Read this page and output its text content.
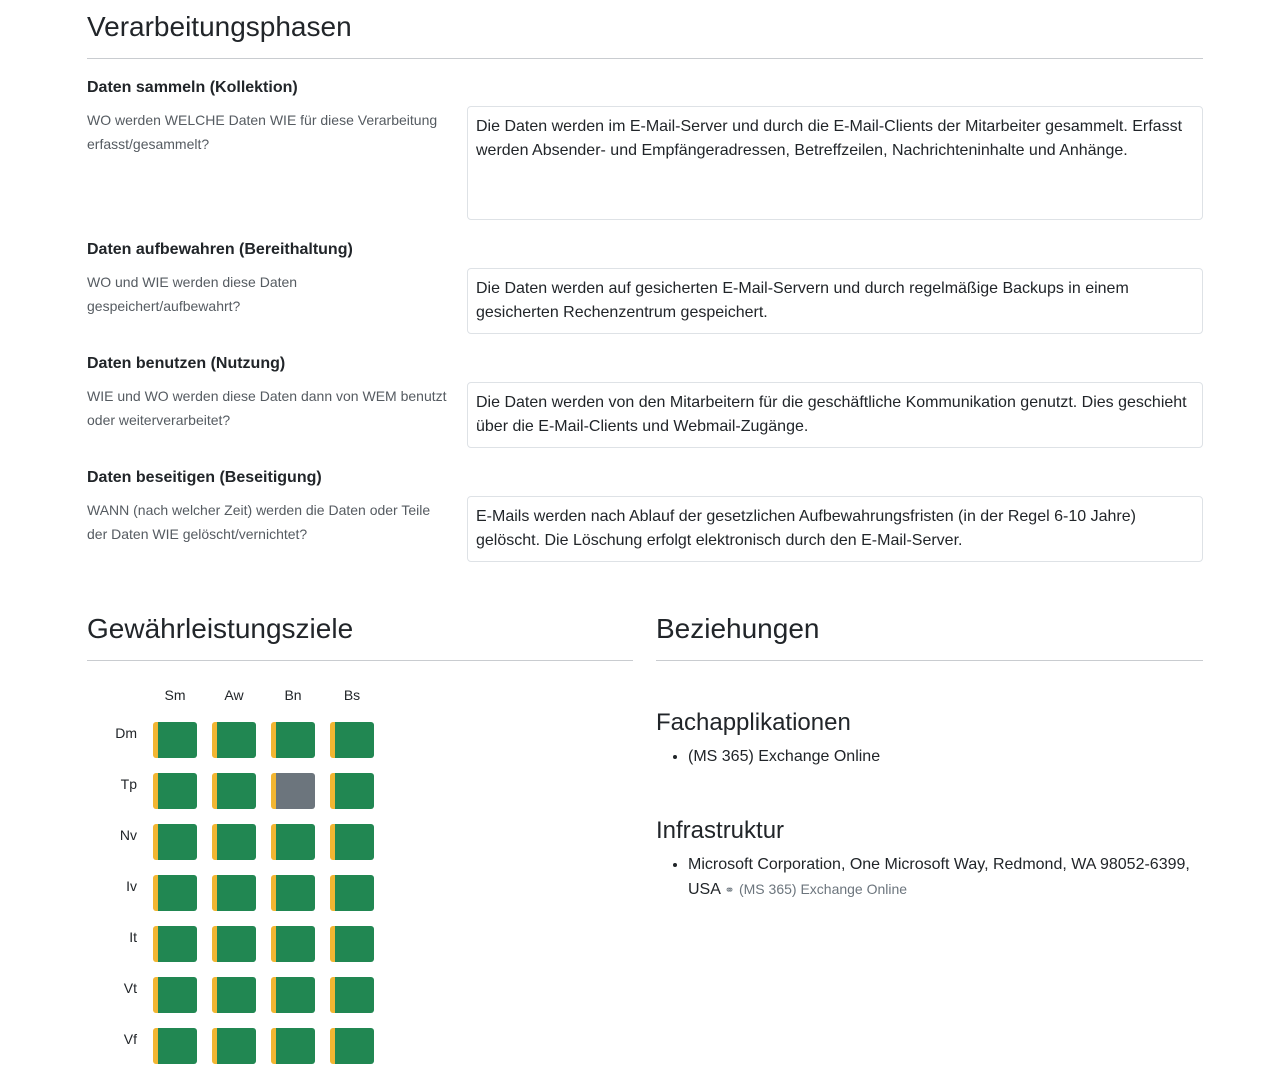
Verarbeitungsphasen
Daten sammeln (Kollektion)
WO werden WELCHE Daten WIE für diese Verarbeitung erfasst/gesammelt?
Die Daten werden im E-Mail-Server und durch die E-Mail-Clients der Mitarbeiter gesammelt. Erfasst werden Absender- und Empfängeradressen, Betreffzeilen, Nachrichteninhalte und Anhänge.
Daten aufbewahren (Bereithaltung)
WO und WIE werden diese Daten gespeichert/aufbewahrt?
Die Daten werden auf gesicherten E-Mail-Servern und durch regelmäßige Backups in einem gesicherten Rechenzentrum gespeichert.
Daten benutzen (Nutzung)
WIE und WO werden diese Daten dann von WEM benutzt oder weiterverarbeitet?
Die Daten werden von den Mitarbeitern für die geschäftliche Kommunikation genutzt. Dies geschieht über die E-Mail-Clients und Webmail-Zugänge.
Daten beseitigen (Beseitigung)
WANN (nach welcher Zeit) werden die Daten oder Teile der Daten WIE gelöscht/vernichtet?
E-Mails werden nach Ablauf der gesetzlichen Aufbewahrungsfristen (in der Regel 6-10 Jahre) gelöscht. Die Löschung erfolgt elektronisch durch den E-Mail-Server.
Gewährleistungsziele
Sm	Aw	Bn	Bs
Dm
Tp
Nv
Iv
It
Vt
Vf
Beziehungen
Fachapplikationen
• (MS 365) Exchange Online
Infrastruktur
• Microsoft Corporation, One Microsoft Way, Redmond, WA 98052-6399, USA ⚭ (MS 365) Exchange Online
